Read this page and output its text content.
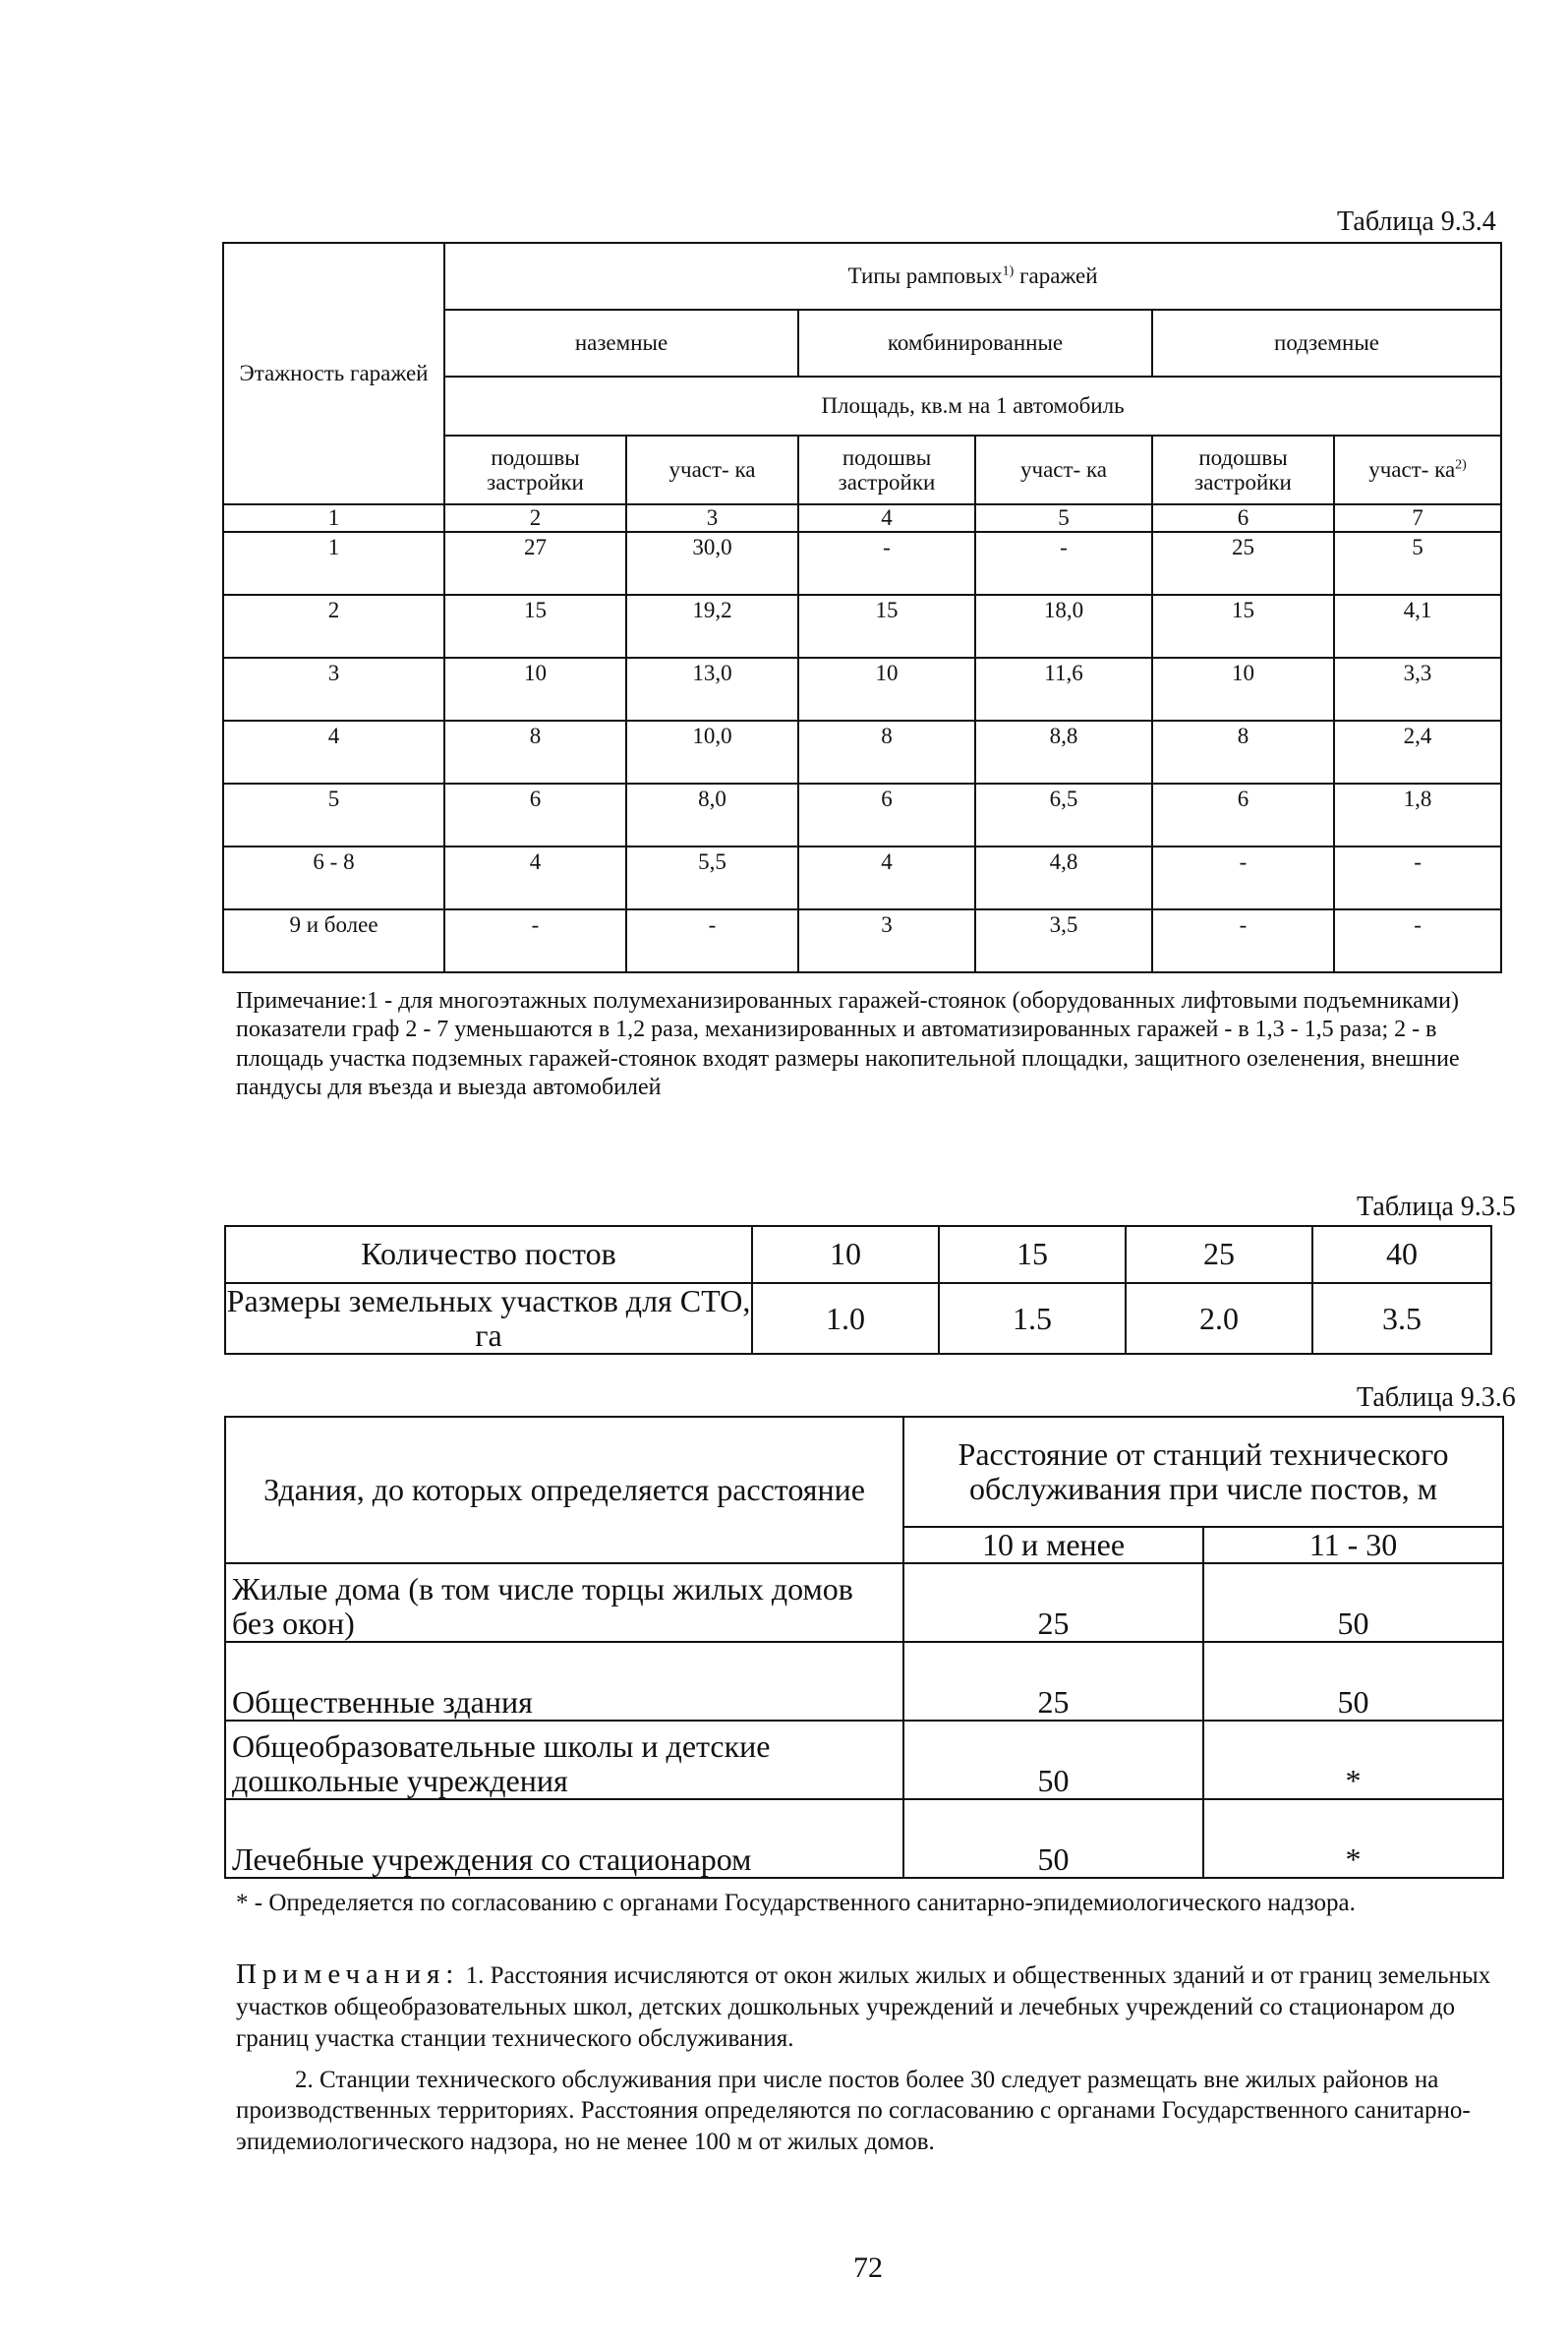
Таблица 9.3.4
Этажность гаражей	Типы рамповых$^{1)}$ гаражей					
	наземные		комбинированные		подземные	
	Площадь, кв.м на 1 автомобиль					
	подошвы застройки	участ- ка	подошвы застройки	участ- ка	подошвы застройки	участ- $ка^{2)}$
1	2	3	4	5	6	7
1	27	30,0	-	-	25	5
2	15	19,2	15	18,0	15	4,1
3	10	13,0	10	11,6	10	3,3
4	8	10,0	8	8,8	8	2,4
5	6	8,0	6	6,5	6	1,8
6 - 8	4	5,5	4	4,8	-	-
9 и более	-	-	3	3,5	-	-
Примечание:1 - для многоэтажных полумеханизированных гаражей-стоянок (оборудованных лифтовыми подъемниками) показатели граф 2 - 7 уменьшаются в 1,2 раза, механизированных и автоматизированных гаражей - в 1,3 - 1,5 раза; 2 - в площадь участка подземных гаражей-стоянок входят размеры накопительной площадки, защитного озеленения, внешние пандусы для въезда и выезда автомобилей
Таблица 9.3.5
Количество постов	10	15	25	40
Размеры земельных участков для СТО, га	1.0	1.5	2.0	3.5
Таблица 9.3.6
Здания, до которых определяется расстояние	Расстояние от станций технического обслуживания при числе постов, м	
	10 и менее	11 - 30
Жилые дома (в том числе торцы жилых домов без окон)	25	50
Общественные здания	25	50
Общеобразовательные школы и детские дошкольные учреждения	50	*
Лечебные учреждения со стационаром	50	*
* - Определяется по согласованию с органами Государственного санитарно-эпидемиологического надзора.
Примечания: 1. Расстояния исчисляются от окон жилых жилых и общественных зданий и от границ земельных участков общеобразовательных школ, детских дошкольных учреждений и лечебных учреждений со стационаром до границ участка станции технического обслуживания.
2. Станции технического обслуживания при числе постов более 30 следует размещать вне жилых районов на производственных территориях. Расстояния определяются по согласованию с органами Государственного санитарно-эпидемиологического надзора, но не менее 100 м от жилых домов.
72
